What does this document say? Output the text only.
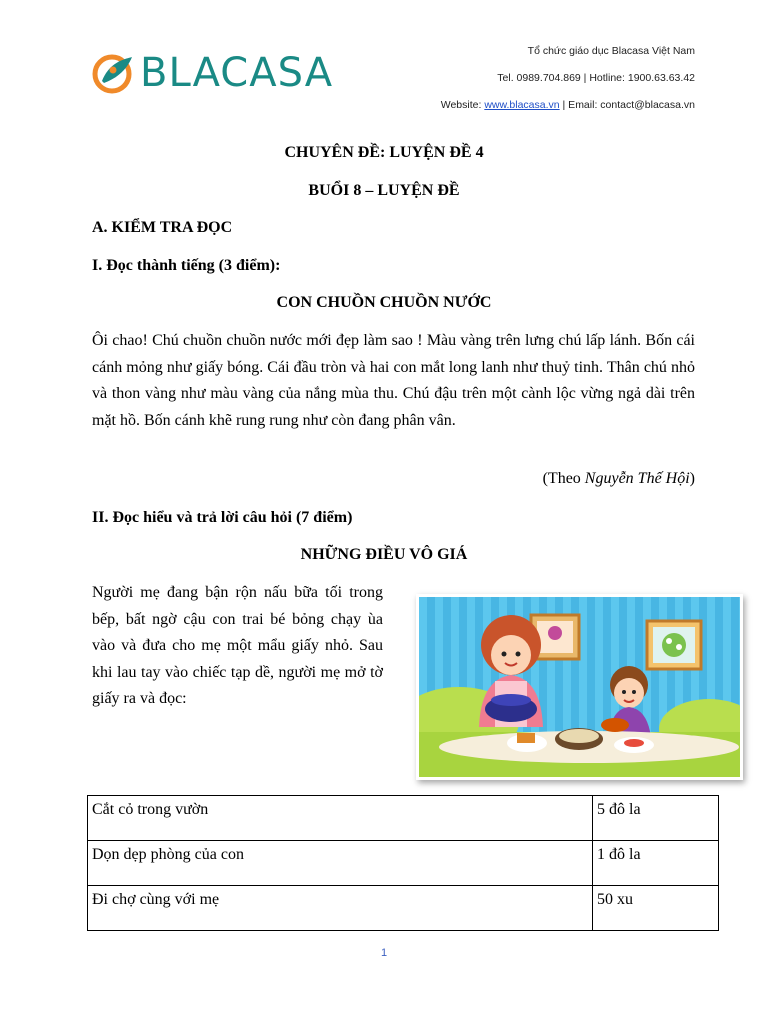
BLACASA	Tổ chức giáo dục Blacasa Việt Nam
Tel. 0989.704.869 | Hotline: 1900.63.63.42
Website: www.blacasa.vn | Email: contact@blacasa.vn
CHUYÊN ĐỀ: LUYỆN ĐỀ 4
BUỔI 8 – LUYỆN ĐỀ
A. KIỂM TRA ĐỌC
I. Đọc thành tiếng (3 điểm):
CON CHUỒN CHUỒN NƯỚC
Ôi chao! Chú chuồn chuồn nước mới đẹp làm sao ! Màu vàng trên lưng chú lấp lánh. Bốn cái cánh mỏng như giấy bóng. Cái đầu tròn và hai con mắt long lanh như thuỷ tinh. Thân chú nhỏ và thon vàng như màu vàng của nắng mùa thu. Chú đậu trên một cành lộc vừng ngả dài trên mặt hồ. Bốn cánh khẽ rung rung như còn đang phân vân.
(Theo Nguyễn Thế Hội)
II. Đọc hiểu và trả lời câu hỏi (7 điểm)
NHỮNG ĐIỀU VÔ GIÁ
Người mẹ đang bận rộn nấu bữa tối trong bếp, bất ngờ cậu con trai bé bỏng chạy ùa vào và đưa cho mẹ một mẩu giấy nhỏ. Sau khi lau tay vào chiếc tạp dề, người mẹ mở tờ giấy ra và đọc:
Cắt cỏ trong vườn	5 đô la
Dọn dẹp phòng của con	1 đô la
Đi chợ cùng với mẹ	50 xu
1
